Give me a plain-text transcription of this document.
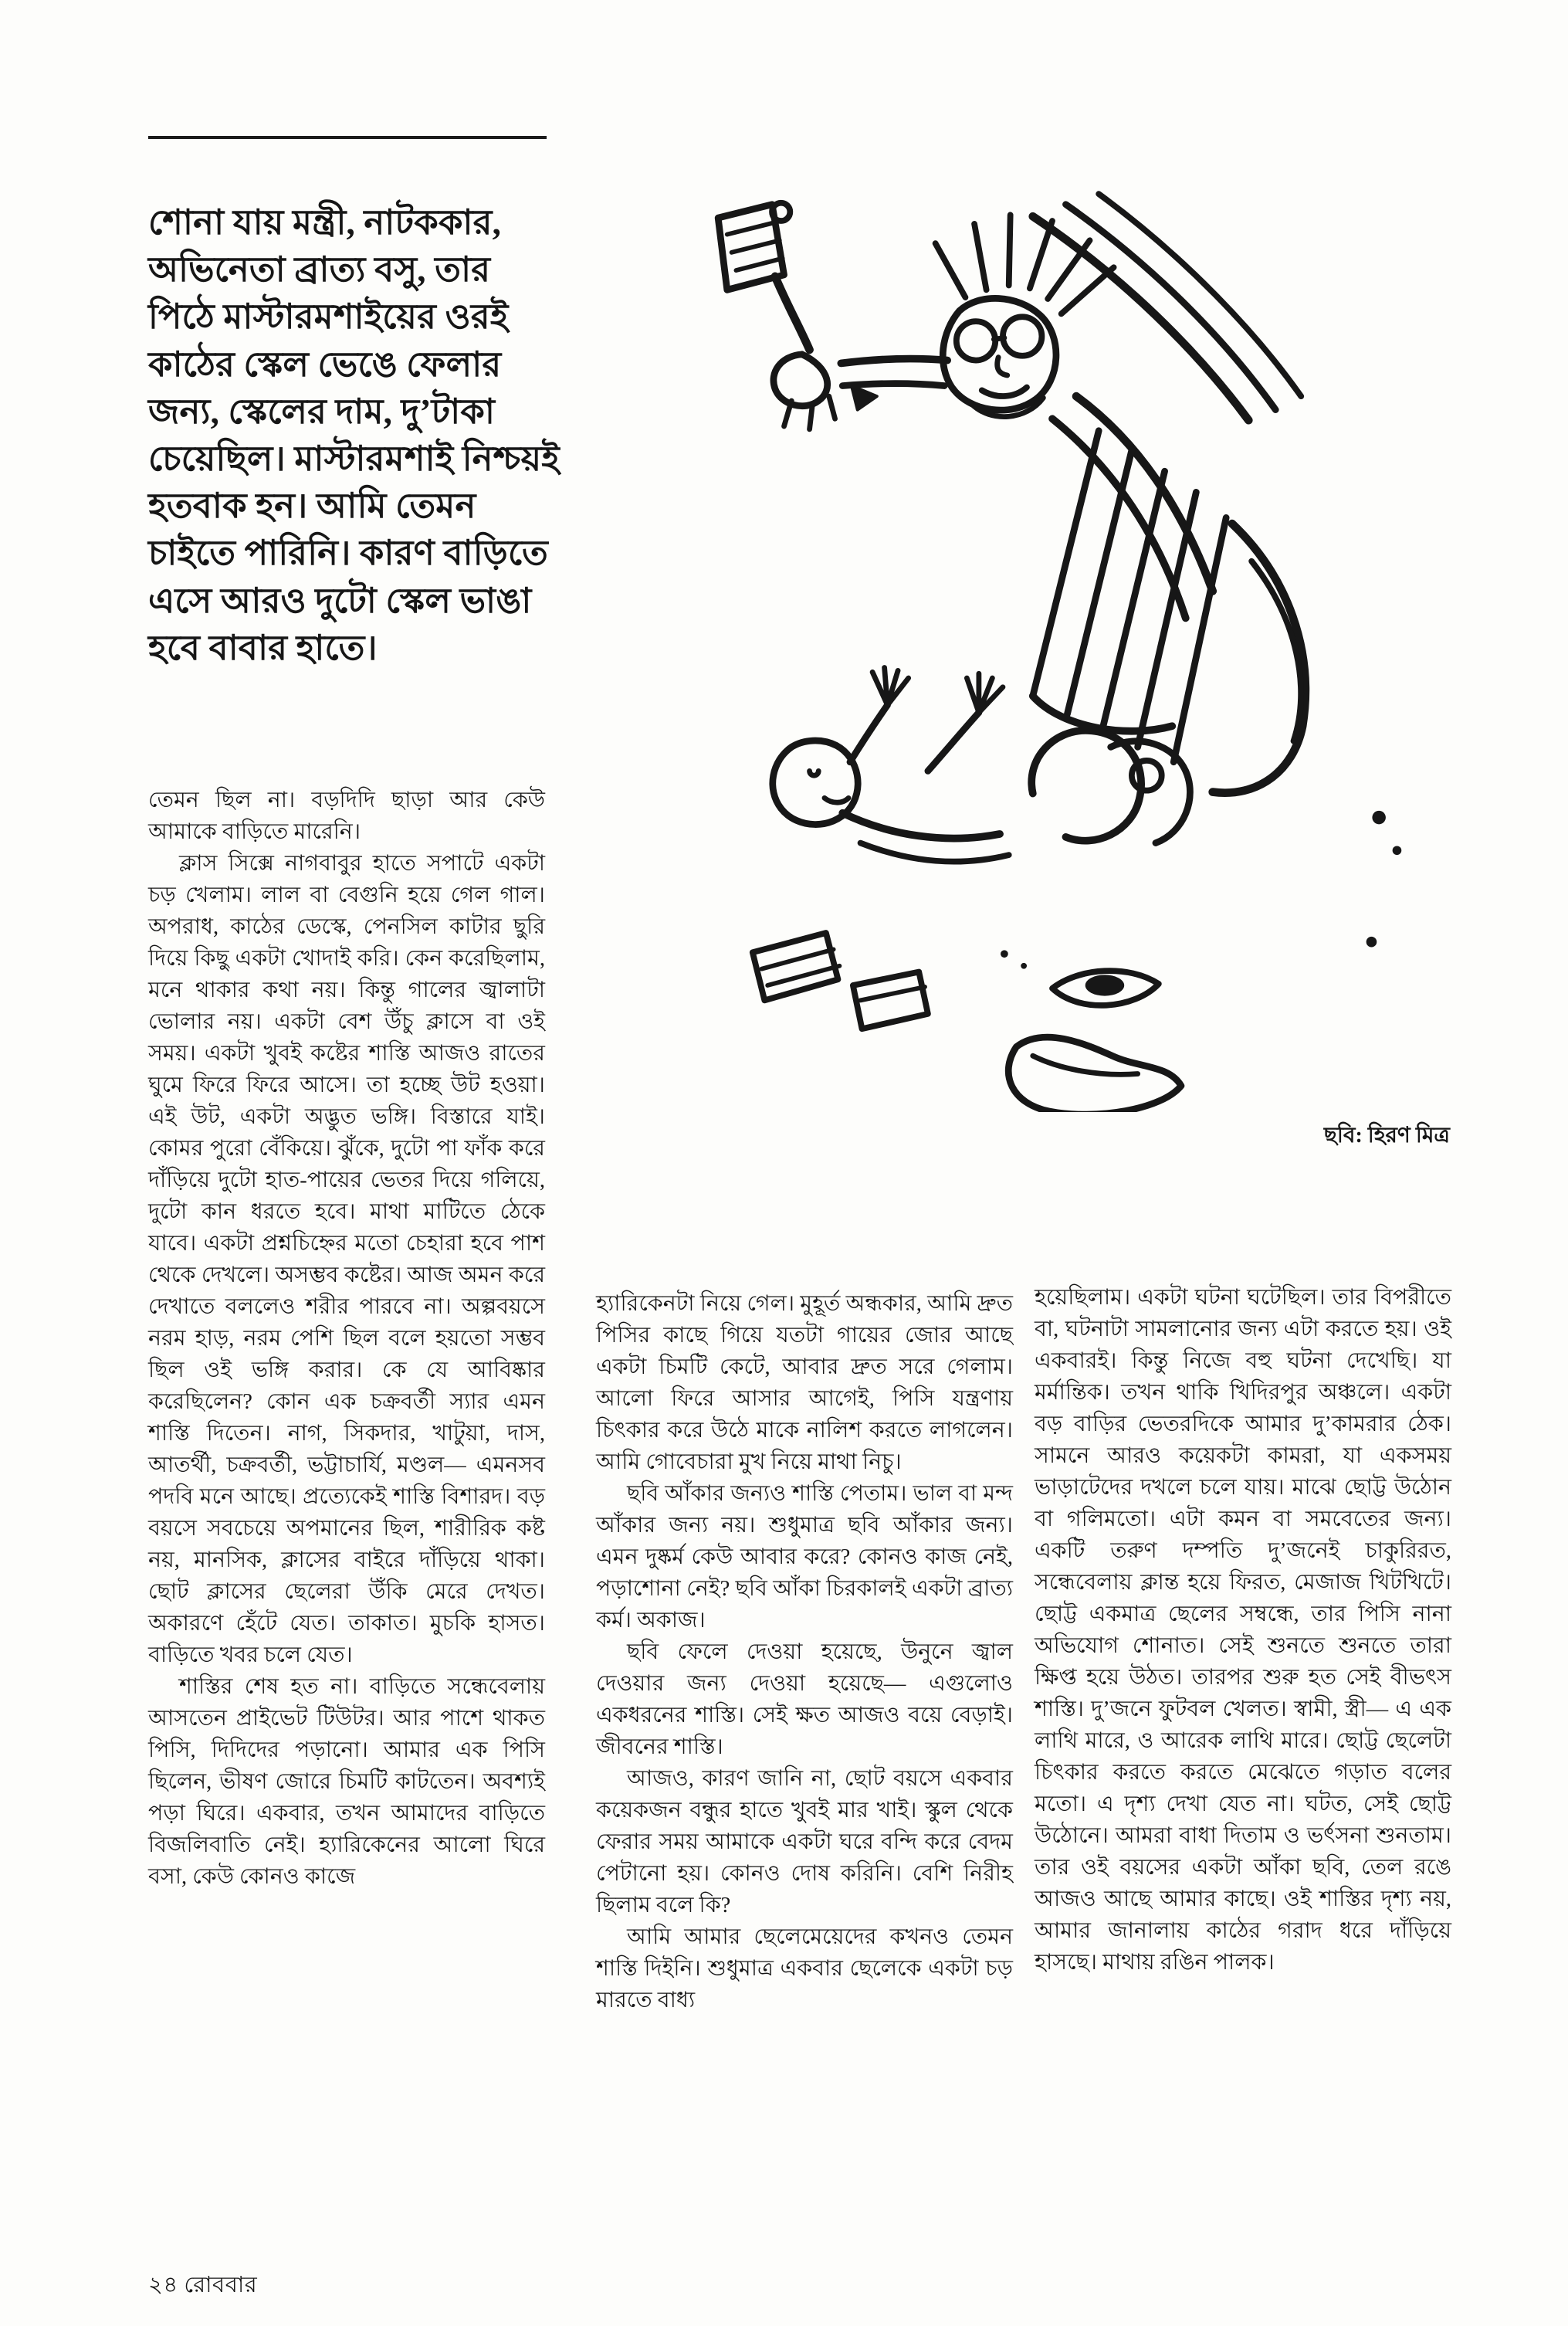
শোনা যায় মন্ত্রী, নাটককার, অভিনেতা ব্রাত্য বসু, তার পিঠে মাস্টারমশাইয়ের ওরই কাঠের স্কেল ভেঙে ফেলার জন্য, স্কেলের দাম, দু’টাকা চেয়েছিল। মাস্টারমশাই নিশ্চয়ই হতবাক হন। আমি তেমন চাইতে পারিনি। কারণ বাড়িতে এসে আরও দুটো স্কেল ভাঙা হবে বাবার হাতে।
ছবি: হিরণ মিত্র

তেমন ছিল না। বড়দিদি ছাড়া আর কেউ আমাকে বাড়িতে মারেনি।

ক্লাস সিক্সে নাগবাবুর হাতে সপাটে একটা চড় খেলাম। লাল বা বেগুনি হয়ে গেল গাল। অপরাধ, কাঠের ডেস্কে, পেনসিল কাটার ছুরি দিয়ে কিছু একটা খোদাই করি। কেন করেছিলাম, মনে থাকার কথা নয়। কিন্তু গালের জ্বালাটা ভোলার নয়। একটা বেশ উঁচু ক্লাসে বা ওই সময়। একটা খুবই কষ্টের শাস্তি আজও রাতের ঘুমে ফিরে ফিরে আসে। তা হচ্ছে উট হওয়া। এই উট, একটা অদ্ভুত ভঙ্গি। বিস্তারে যাই। কোমর পুরো বেঁকিয়ে। ঝুঁকে, দুটো পা ফাঁক করে দাঁড়িয়ে দুটো হাত-পায়ের ভেতর দিয়ে গলিয়ে, দুটো কান ধরতে হবে। মাথা মাটিতে ঠেকে যাবে। একটা প্রশ্নচিহ্নের মতো চেহারা হবে পাশ থেকে দেখলে। অসম্ভব কষ্টের। আজ অমন করে দেখাতে বললেও শরীর পারবে না। অল্পবয়সে নরম হাড়, নরম পেশি ছিল বলে হয়তো সম্ভব ছিল ওই ভঙ্গি করার। কে যে আবিষ্কার করেছিলেন? কোন এক চক্রবর্তী স্যার এমন শাস্তি দিতেন। নাগ, সিকদার, খাটুয়া, দাস, আতর্থী, চক্রবর্তী, ভট্টাচার্যি, মণ্ডল— এমনসব পদবি মনে আছে। প্রত্যেকেই শাস্তি বিশারদ। বড় বয়সে সবচেয়ে অপমানের ছিল, শারীরিক কষ্ট নয়, মানসিক, ক্লাসের বাইরে দাঁড়িয়ে থাকা। ছোট ক্লাসের ছেলেরা উঁকি মেরে দেখত। অকারণে হেঁটে যেত। তাকাত। মুচকি হাসত। বাড়িতে খবর চলে যেত।

শাস্তির শেষ হত না। বাড়িতে সন্ধেবেলায় আসতেন প্রাইভেট টিউটর। আর পাশে থাকত পিসি, দিদিদের পড়ানো। আমার এক পিসি ছিলেন, ভীষণ জোরে চিমটি কাটতেন। অবশ্যই পড়া ঘিরে। একবার, তখন আমাদের বাড়িতে বিজলিবাতি নেই। হ্যারিকেনের আলো ঘিরে বসা, কেউ কোনও কাজে

হ্যারিকেনটা নিয়ে গেল। মুহূর্ত অন্ধকার, আমি দ্রুত পিসির কাছে গিয়ে যতটা গায়ের জোর আছে একটা চিমটি কেটে, আবার দ্রুত সরে গেলাম। আলো ফিরে আসার আগেই, পিসি যন্ত্রণায় চিৎকার করে উঠে মাকে নালিশ করতে লাগলেন। আমি গোবেচারা মুখ নিয়ে মাথা নিচু।

ছবি আঁকার জন্যও শাস্তি পেতাম। ভাল বা মন্দ আঁকার জন্য নয়। শুধুমাত্র ছবি আঁকার জন্য। এমন দুষ্কর্ম কেউ আবার করে? কোনও কাজ নেই, পড়াশোনা নেই? ছবি আঁকা চিরকালই একটা ব্রাত্য কর্ম। অকাজ।

ছবি ফেলে দেওয়া হয়েছে, উনুনে জ্বাল দেওয়ার জন্য দেওয়া হয়েছে— এগুলোও একধরনের শাস্তি। সেই ক্ষত আজও বয়ে বেড়াই। জীবনের শাস্তি।

আজও, কারণ জানি না, ছোট বয়সে একবার কয়েকজন বন্ধুর হাতে খুবই মার খাই। স্কুল থেকে ফেরার সময় আমাকে একটা ঘরে বন্দি করে বেদম পেটানো হয়। কোনও দোষ করিনি। বেশি নিরীহ ছিলাম বলে কি?

আমি আমার ছেলেমেয়েদের কখনও তেমন শাস্তি দিইনি। শুধুমাত্র একবার ছেলেকে একটা চড় মারতে বাধ্য

হয়েছিলাম। একটা ঘটনা ঘটেছিল। তার বিপরীতে বা, ঘটনাটা সামলানোর জন্য এটা করতে হয়। ওই একবারই। কিন্তু নিজে বহু ঘটনা দেখেছি। যা মর্মান্তিক। তখন থাকি খিদিরপুর অঞ্চলে। একটা বড় বাড়ির ভেতরদিকে আমার দু’কামরার ঠেক। সামনে আরও কয়েকটা কামরা, যা একসময় ভাড়াটেদের দখলে চলে যায়। মাঝে ছোট্ট উঠোন বা গলিমতো। এটা কমন বা সমবেতের জন্য। একটি তরুণ দম্পতি দু’জনেই চাকুরিরত, সন্ধেবেলায় ক্লান্ত হয়ে ফিরত, মেজাজ খিটখিটে। ছোট্ট একমাত্র ছেলের সম্বন্ধে, তার পিসি নানা অভিযোগ শোনাত। সেই শুনতে শুনতে তারা ক্ষিপ্ত হয়ে উঠত। তারপর শুরু হত সেই বীভৎস শাস্তি। দু’জনে ফুটবল খেলত। স্বামী, স্ত্রী— এ এক লাথি মারে, ও আরেক লাথি মারে। ছোট্ট ছেলেটা চিৎকার করতে করতে মেঝেতে গড়াত বলের মতো। এ দৃশ্য দেখা যেত না। ঘটত, সেই ছোট্ট উঠোনে। আমরা বাধা দিতাম ও ভর্ৎসনা শুনতাম। তার ওই বয়সের একটা আঁকা ছবি, তেল রঙে আজও আছে আমার কাছে। ওই শাস্তির দৃশ্য নয়, আমার জানালায় কাঠের গরাদ ধরে দাঁড়িয়ে হাসছে। মাথায় রঙিন পালক।

২৪ রোববার
